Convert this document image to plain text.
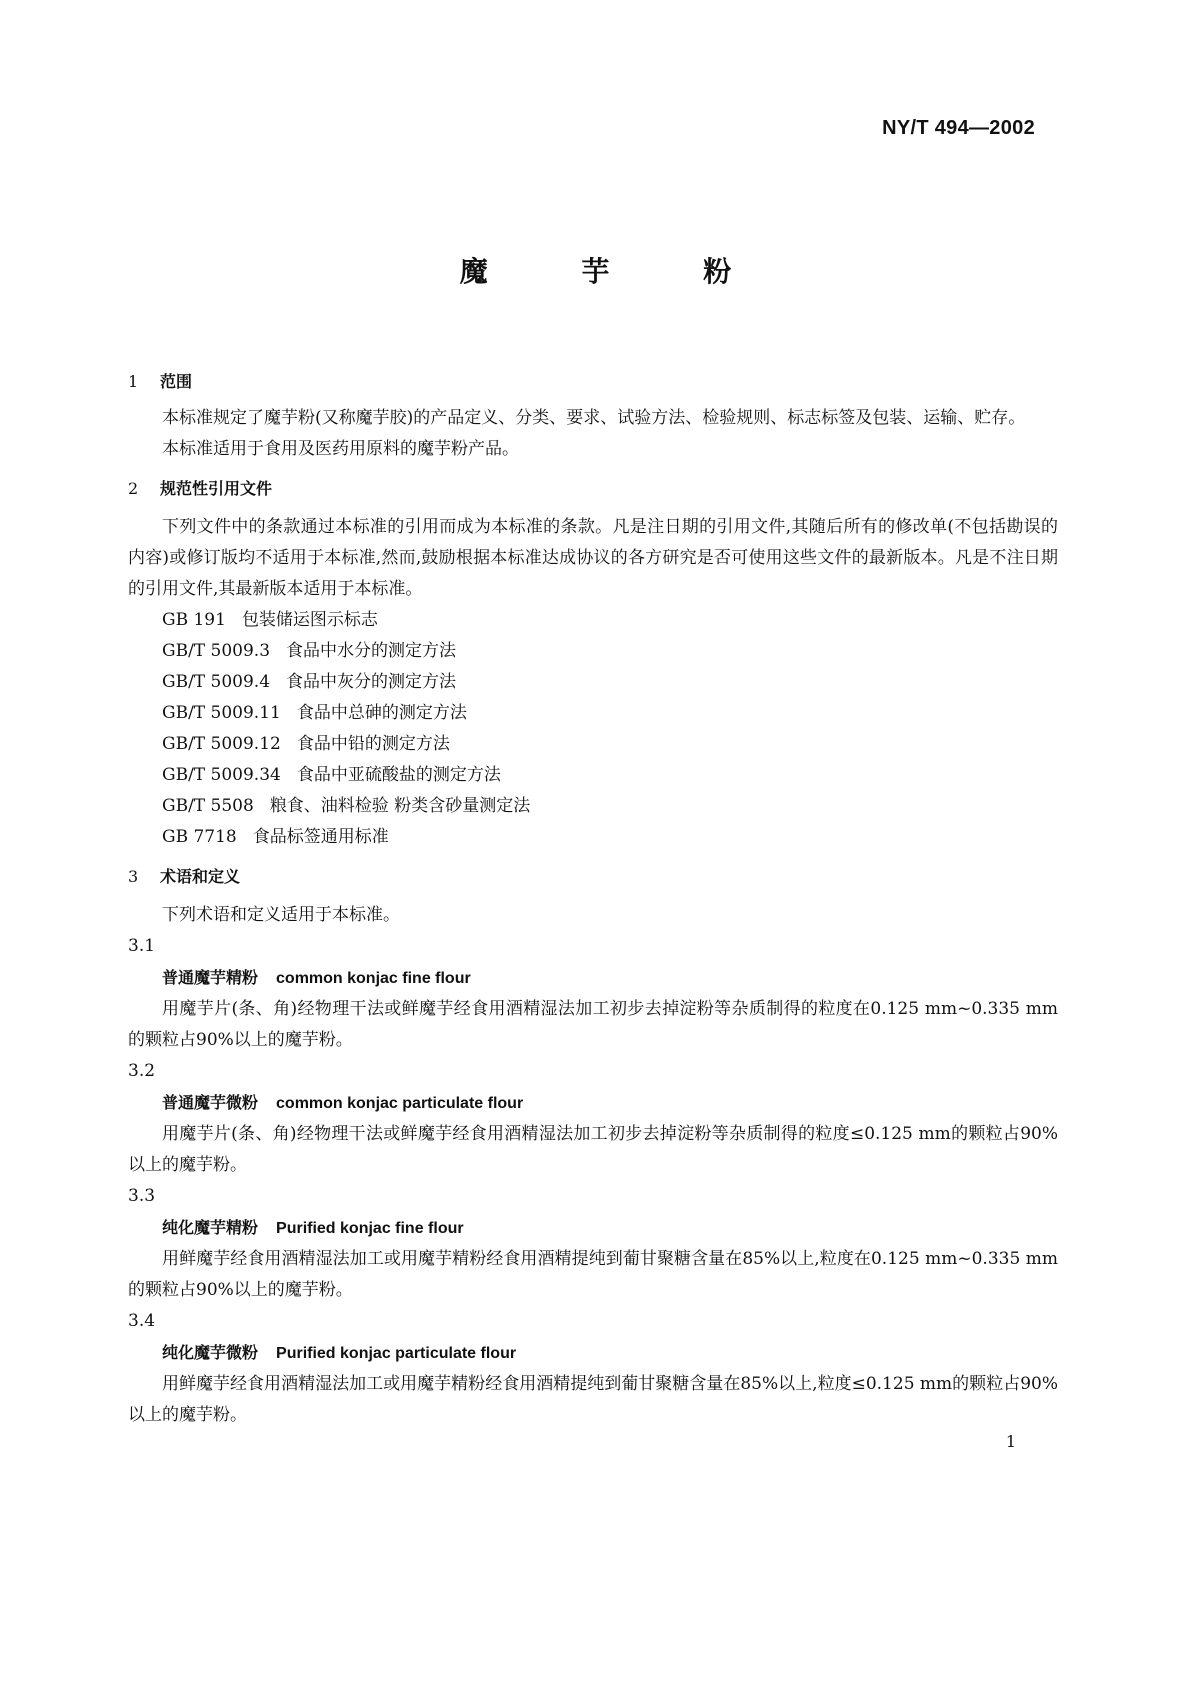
NY/T 494—2002
魔 芋 粉
1 范围

本标准规定了魔芋粉(又称魔芋胶)的产品定义、分类、要求、试验方法、检验规则、标志标签及包装、运输、贮存。

本标准适用于食用及医药用原料的魔芋粉产品。

2 规范性引用文件

下列文件中的条款通过本标准的引用而成为本标准的条款。凡是注日期的引用文件,其随后所有的修改单(不包括勘误的内容)或修订版均不适用于本标准,然而,鼓励根据本标准达成协议的各方研究是否可使用这些文件的最新版本。凡是不注日期的引用文件,其最新版本适用于本标准。

GB 191 包装储运图示标志

GB/T 5009.3 食品中水分的测定方法

GB/T 5009.4 食品中灰分的测定方法

GB/T 5009.11 食品中总砷的测定方法

GB/T 5009.12 食品中铅的测定方法

GB/T 5009.34 食品中亚硫酸盐的测定方法

GB/T 5508 粮食、油料检验 粉类含砂量测定法

GB 7718 食品标签通用标准

3 术语和定义

下列术语和定义适用于本标准。

3.1

普通魔芋精粉 common konjac fine flour

用魔芋片(条、角)经物理干法或鲜魔芋经食用酒精湿法加工初步去掉淀粉等杂质制得的粒度在0.125 mm~0.335 mm的颗粒占90%以上的魔芋粉。

3.2

普通魔芋微粉 common konjac particulate flour

用魔芋片(条、角)经物理干法或鲜魔芋经食用酒精湿法加工初步去掉淀粉等杂质制得的粒度≤0.125 mm的颗粒占90%以上的魔芋粉。

3.3

纯化魔芋精粉 Purified konjac fine flour

用鲜魔芋经食用酒精湿法加工或用魔芋精粉经食用酒精提纯到葡甘聚糖含量在85%以上,粒度在0.125 mm~0.335 mm的颗粒占90%以上的魔芋粉。

3.4

纯化魔芋微粉 Purified konjac particulate flour

用鲜魔芋经食用酒精湿法加工或用魔芋精粉经食用酒精提纯到葡甘聚糖含量在85%以上,粒度≤0.125 mm的颗粒占90%以上的魔芋粉。

1
